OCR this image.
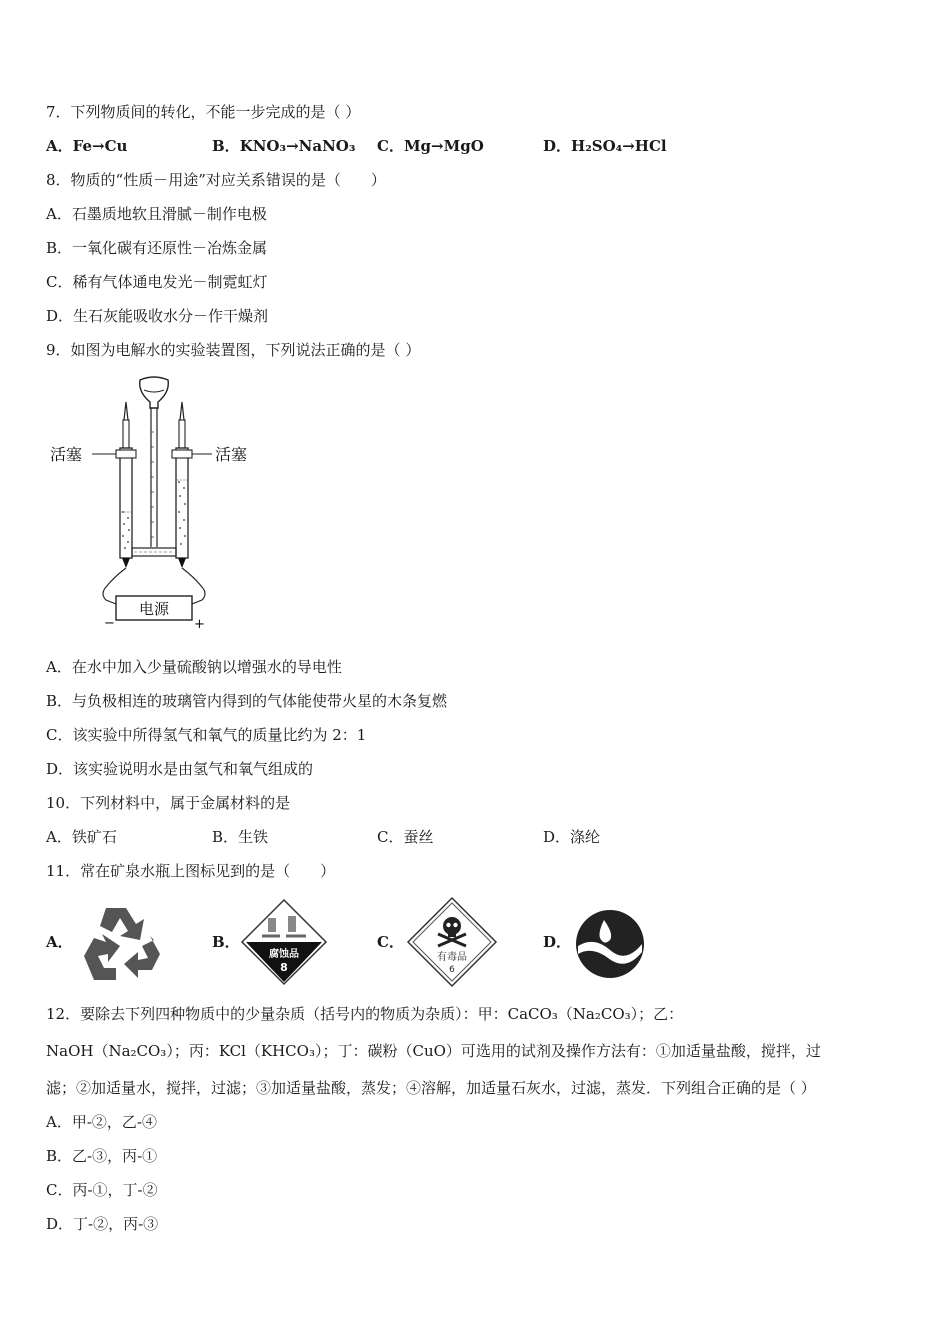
7．下列物质间的转化，不能一步完成的是（ ）
A．Fe→Cu	B．KNO₃→NaNO₃ C．Mg→MgO	D．H₂SO₄→HCl
8．物质的“性质－用途”对应关系错误的是（　　）
A．石墨质地软且滑腻－制作电极
B．一氧化碳有还原性－冶炼金属
C．稀有气体通电发光－制霓虹灯
D．生石灰能吸收水分－作干燥剂
9．如图为电解水的实验装置图，下列说法正确的是（ ）
电源
−	+
活塞	活塞
A．在水中加入少量硫酸钠以增强水的导电性
B．与负极相连的玻璃管内得到的气体能使带火星的木条复燃
C．该实验中所得氢气和氧气的质量比约为 2：1
D．该实验说明水是由氢气和氧气组成的
10．下列材料中，属于金属材料的是
A．铁矿石	B．生铁	C．蚕丝	D．涤纶
11．常在矿泉水瓶上图标见到的是（　　）
A．	B．
腐蚀品
8
C．
有毒品
6
D．
12．要除去下列四种物质中的少量杂质（括号内的物质为杂质）：甲：CaCO₃（Na₂CO₃）；乙：
NaOH（Na₂CO₃）；丙：KCl（KHCO₃）；丁：碳粉（CuO）可选用的试剂及操作方法有：①加适量盐酸，搅拌，过
滤；②加适量水，搅拌，过滤；③加适量盐酸，蒸发；④溶解，加适量石灰水，过滤，蒸发．下列组合正确的是（ ）
A．甲-②，乙-④
B．乙-③，丙-①
C．丙-①，丁-②
D．丁-②，丙-③
